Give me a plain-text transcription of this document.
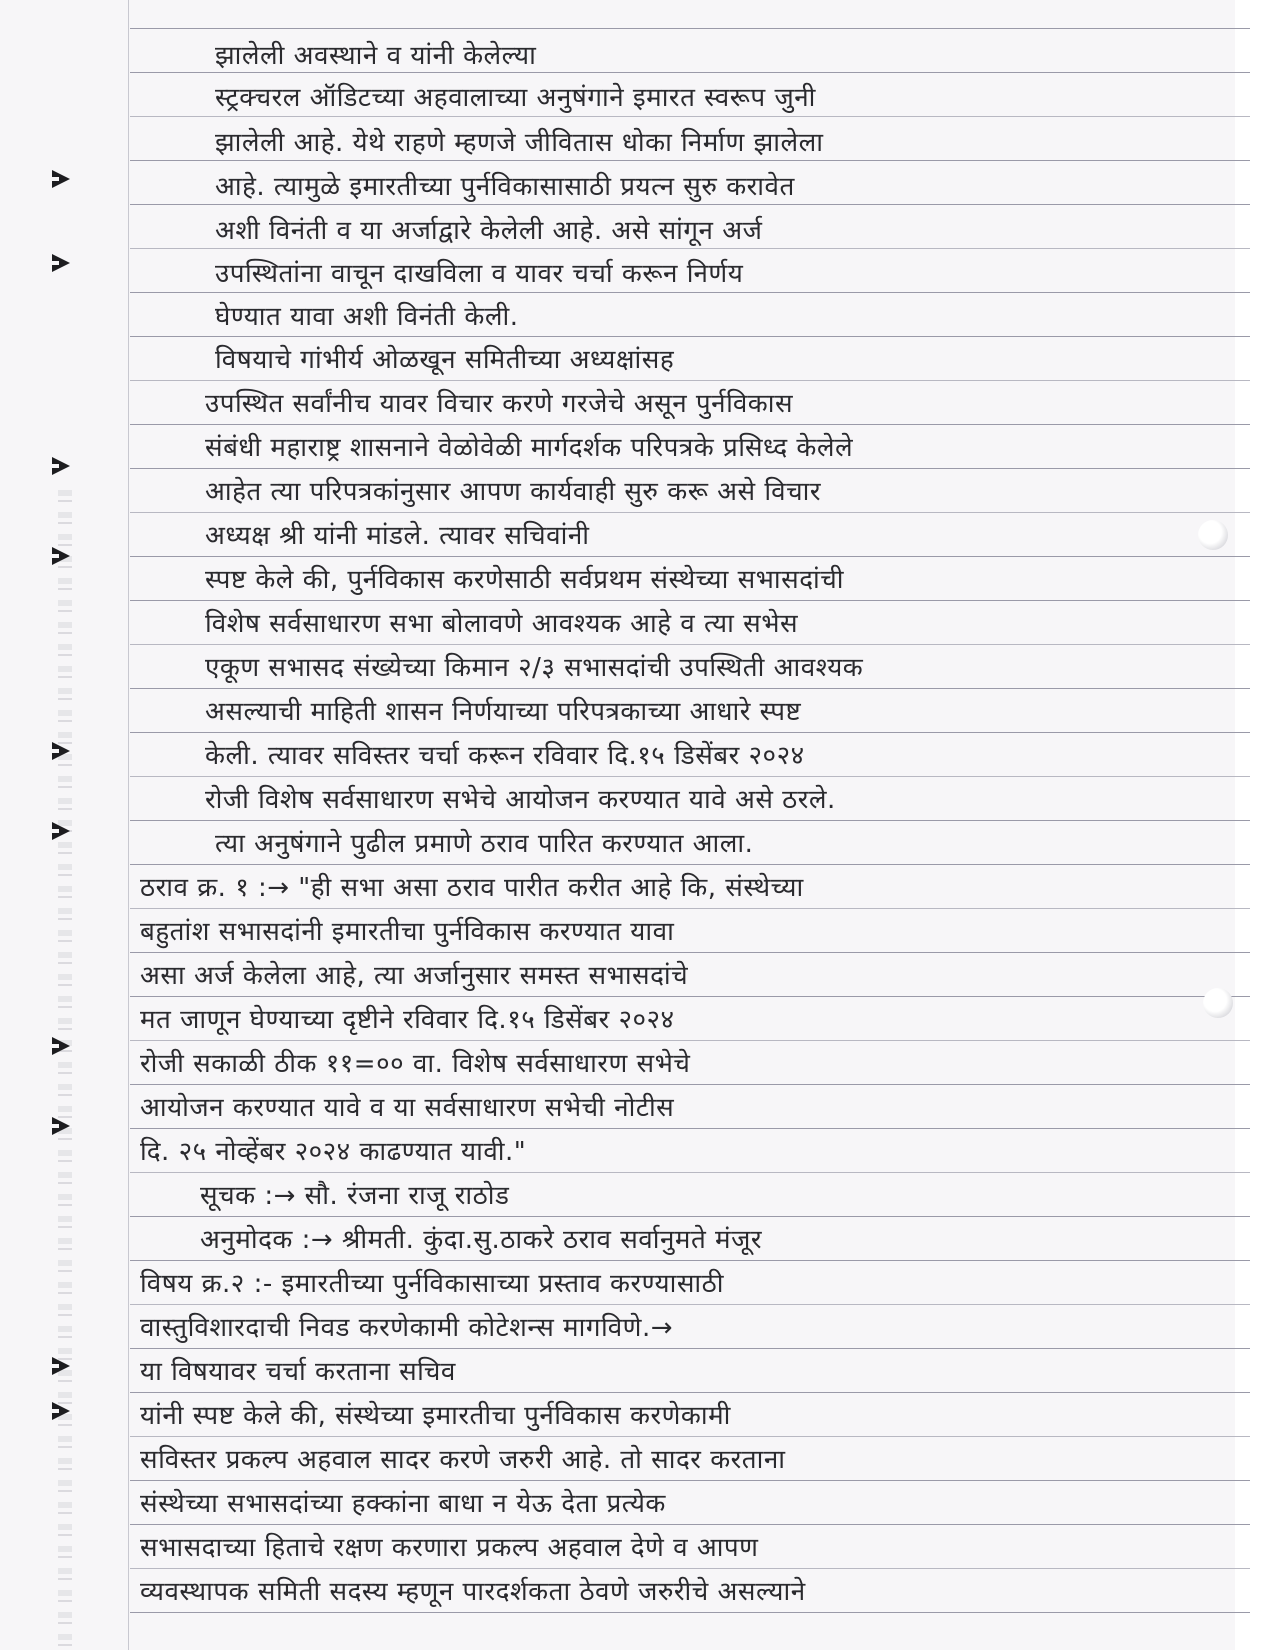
झालेली अवस्थाने व यांनी केलेल्या
स्ट्रक्चरल ऑडिटच्या अहवालाच्या अनुषंगाने इमारत स्वरूप जुनी
झालेली आहे. येथे राहणे म्हणजे जीवितास धोका निर्माण झालेला
आहे. त्यामुळे इमारतीच्या पुर्नविकासासाठी प्रयत्न सुरु करावेत
अशी विनंती व या अर्जाद्वारे केलेली आहे. असे सांगून अर्ज
उपस्थितांना वाचून दाखविला व यावर चर्चा करून निर्णय
घेण्यात यावा अशी विनंती केली.
विषयाचे गांभीर्य ओळखून समितीच्या अध्यक्षांसह
उपस्थित सर्वांनीच यावर विचार करणे गरजेचे असून पुर्नविकास
संबंधी महाराष्ट्र शासनाने वेळोवेळी मार्गदर्शक परिपत्रके प्रसिध्द केलेले
आहेत त्या परिपत्रकांनुसार आपण कार्यवाही सुरु करू असे विचार
अध्यक्ष श्री यांनी मांडले. त्यावर सचिवांनी
स्पष्ट केले की, पुर्नविकास करणेसाठी सर्वप्रथम संस्थेच्या सभासदांची
विशेष सर्वसाधारण सभा बोलावणे आवश्यक आहे व त्या सभेस
एकूण सभासद संख्येच्या किमान २/३ सभासदांची उपस्थिती आवश्यक
असल्याची माहिती शासन निर्णयाच्या परिपत्रकाच्या आधारे स्पष्ट
केली. त्यावर सविस्तर चर्चा करून रविवार दि.१५ डिसेंबर २०२४
रोजी विशेष सर्वसाधारण सभेचे आयोजन करण्यात यावे असे ठरले.
त्या अनुषंगाने पुढील प्रमाणे ठराव पारित करण्यात आला.
ठराव क्र. १ :→ "ही सभा असा ठराव पारीत करीत आहे कि, संस्थेच्या
बहुतांश सभासदांनी इमारतीचा पुर्नविकास करण्यात यावा
असा अर्ज केलेला आहे, त्या अर्जानुसार समस्त सभासदांचे
मत जाणून घेण्याच्या दृष्टीने रविवार दि.१५ डिसेंबर २०२४
रोजी सकाळी ठीक ११=०० वा. विशेष सर्वसाधारण सभेचे
आयोजन करण्यात यावे व या सर्वसाधारण सभेची नोटीस
दि. २५ नोव्हेंबर २०२४ काढण्यात यावी."
सूचक :→ सौ. रंजना राजू राठोड
अनुमोदक :→ श्रीमती. कुंदा.सु.ठाकरे ठराव सर्वानुमते मंजूर
विषय क्र.२ :- इमारतीच्या पुर्नविकासाच्या प्रस्ताव करण्यासाठी
वास्तुविशारदाची निवड करणेकामी कोटेशन्स मागविणे.→
या विषयावर चर्चा करताना सचिव
यांनी स्पष्ट केले की, संस्थेच्या इमारतीचा पुर्नविकास करणेकामी
सविस्तर प्रकल्प अहवाल सादर करणे जरुरी आहे. तो सादर करताना
संस्थेच्या सभासदांच्या हक्कांना बाधा न येऊ देता प्रत्येक
सभासदाच्या हिताचे रक्षण करणारा प्रकल्प अहवाल देणे व आपण
व्यवस्थापक समिती सदस्य म्हणून पारदर्शकता ठेवणे जरुरीचे असल्याने
